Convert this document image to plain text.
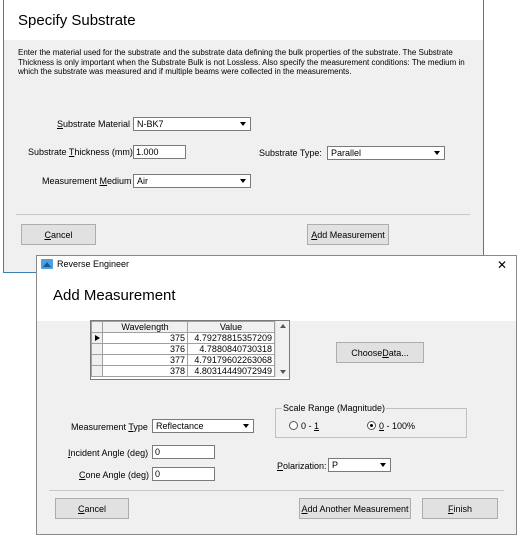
Specify Substrate
Enter the material used for the substrate and the substrate data defining the bulk properties of the substrate. The Substrate Thickness is only important when the Substrate Bulk is not Lossless. Also specify the measurement conditions: The medium in which the substrate was measured and if multiple beams were collected in the measurements.
Substrate Material N-BK7
Substrate Thickness (mm)
1.000	Substrate Type: Parallel
Measurement Medium Air
C ancel	A dd Measurement
Reverse Engineer	✕
Add Measurement
	Wavelength	Value

	375	4.79278815357209
	376	4.7880840730318
	377	4.79179602263068
	378	4.80314449072949
Choose D ata...
Scale Range (Magnitude)
0 - 1	0 - 100%
Measurement Type Reflectance
Incident Angle (deg)
0
Polarization: P
Cone Angle (deg)
0
C ancel	A dd Another Measurement	F inish
